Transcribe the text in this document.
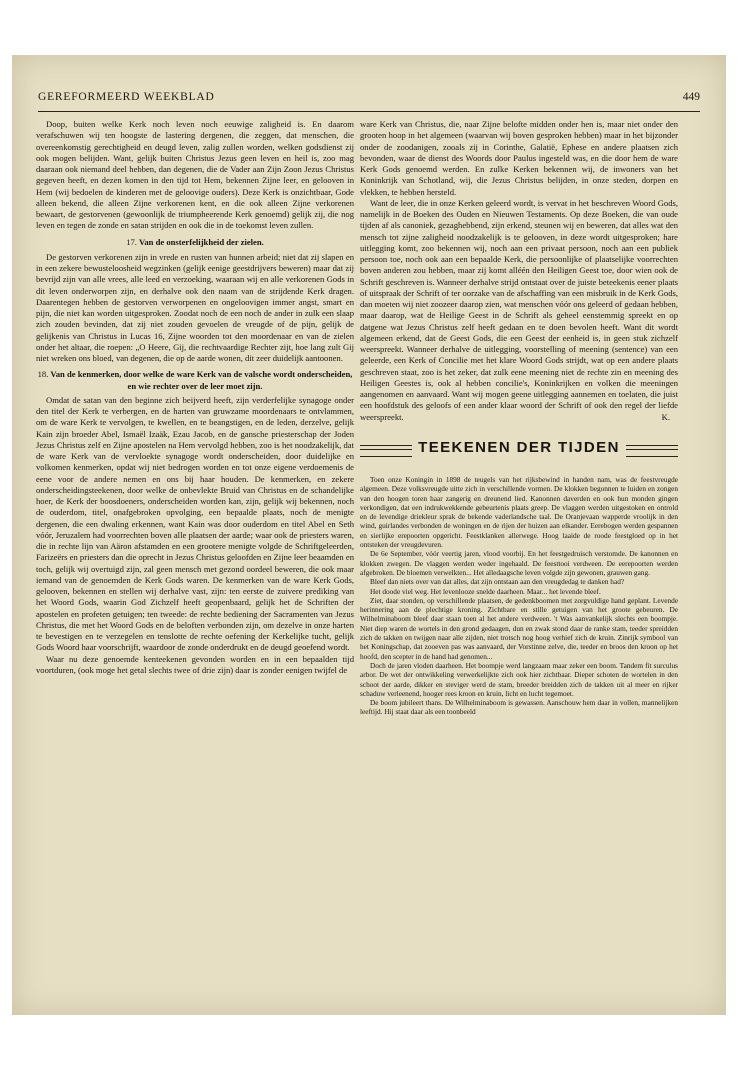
GEREFORMEERD WEEKBLAD	449

Doop, buiten welke Kerk noch leven noch eeuwige zaligheid is. En daarom verafschuwen wij ten hoogste de lastering dergenen, die zeggen, dat menschen, die overeenkomstig gerechtigheid en deugd leven, zalig zullen worden, welken godsdienst zij ook mogen belijden. Want, gelijk buiten Christus Jezus geen leven en heil is, zoo mag daaraan ook niemand deel hebben, dan degenen, die de Vader aan Zijn Zoon Jezus Christus gegeven heeft, en dezen komen in den tijd tot Hem, bekennen Zijne leer, en gelooven in Hem (wij bedoelen de kinderen met de geloovige ouders). Deze Kerk is onzichtbaar, Gode alleen bekend, die alleen Zijne verkorenen kent, en die ook alleen Zijne verkorenen bewaart, de gestorvenen (gewoonlijk de triumpheerende Kerk genoemd) gelijk zij, die nog leven en tegen de zonde en satan strijden en ook die in de toekomst leven zullen.

17. Van de onsterfelijkheid der zielen.

De gestorven verkorenen zijn in vrede en rusten van hunnen arbeid; niet dat zij slapen en in een zekere bewusteloosheid wegzinken (gelijk eenige geestdrijvers beweren) maar dat zij bevrijd zijn van alle vrees, alle leed en verzoeking, waaraan wij en alle verkorenen Gods in dit leven onderworpen zijn, en derhalve ook den naam van de strijdende Kerk dragen. Daarentegen hebben de gestorven verworpenen en ongeloovigen immer angst, smart en pijn, die niet kan worden uitgesproken. Zoodat noch de een noch de ander in zulk een slaap zich zouden bevinden, dat zij niet zouden gevoelen de vreugde of de pijn, gelijk de gelijkenis van Christus in Lucas 16, Zijne woorden tot den moordenaar en van de zielen onder het altaar, die roepen: „O Heere, Gij, die rechtvaardige Rechter zijt, hoe lang zult Gij niet wreken ons bloed, van degenen, die op de aarde wonen, dit zeer duidelijk aantoonen.

18. Van de kenmerken, door welke de ware Kerk van de valsche wordt onderscheiden, en wie rechter over de leer moet zijn.

Omdat de satan van den beginne zich beijverd heeft, zijn verderfelijke synagoge onder den titel der Kerk te verbergen, en de harten van gruwzame moordenaars te ontvlammen, om de ware Kerk te vervolgen, te kwellen, en te beangstigen, en de leden, derzelve, gelijk Kain zijn broeder Abel, Ismaël Izaäk, Ezau Jacob, en de gansche priesterschap der Joden Jezus Christus zelf en Zijne apostelen na Hem vervolgd hebben, zoo is het noodzakelijk, dat de ware Kerk van de vervloekte synagoge wordt onderscheiden, door duidelijke en volkomen kenmerken, opdat wij niet bedrogen worden en tot onze eigene verdoemenis de eene voor de andere nemen en ons bij haar houden. De kenmerken, en zekere onderscheidingsteekenen, door welke de onbevlekte Bruid van Christus en de schandelijke hoer, de Kerk der boosdoeners, onderscheiden worden kan, zijn, gelijk wij bekennen, noch de ouderdom, titel, onafgebroken opvolging, een bepaalde plaats, noch de menigte dergenen, die een dwaling erkennen, want Kain was door ouderdom en titel Abel en Seth vóór, Jeruzalem had voorrechten boven alle plaatsen der aarde; waar ook de priesters waren, die in rechte lijn van Aäron afstamden en een grootere menigte volgde de Schriftgeleerden, Farizeërs en priesters dan die oprecht in Jezus Christus geloofden en Zijne leer beaamden en toch, gelijk wij overtuigd zijn, zal geen mensch met gezond oordeel beweren, die ook maar iemand van de genoemden de Kerk Gods waren. De kenmerken van de ware Kerk Gods, gelooven, bekennen en stellen wij derhalve vast, zijn: ten eerste de zuivere prediking van het Woord Gods, waarin God Zichzelf heeft geopenbaard, gelijk het de Schriften der apostelen en profeten getuigen; ten tweede: de rechte bediening der Sacramenten van Jezus Christus, die met het Woord Gods en de beloften verbonden zijn, om dezelve in onze harten te bevestigen en te verzegelen en tenslotte de rechte oefening der Kerkelijke tucht, gelijk Gods Woord haar voorschrijft, waardoor de zonde onderdrukt en de deugd geoefend wordt.

Waar nu deze genoemde kenteekenen gevonden worden en in een bepaalden tijd voortduren, (ook moge het getal slechts twee of drie zijn) daar is zonder eenigen twijfel de

ware Kerk van Christus, die, naar Zijne belofte midden onder hen is, maar niet onder den grooten hoop in het algemeen (waarvan wij boven gesproken hebben) maar in het bijzonder onder de zoodanigen, zooals zij in Corinthe, Galatië, Ephese en andere plaatsen zich bevonden, waar de dienst des Woords door Paulus ingesteld was, en die door hem de ware Kerk Gods genoemd werden. En zulke Kerken bekennen wij, de inwoners van het Koninkrijk van Schotland, wij, die Jezus Christus belijden, in onze steden, dorpen en vlekken, te hebben hersteld.

Want de leer, die in onze Kerken geleerd wordt, is vervat in het beschreven Woord Gods, namelijk in de Boeken des Ouden en Nieuwen Testaments. Op deze Boeken, die van oude tijden af als canoniek, gezaghebbend, zijn erkend, steunen wij en beweren, dat alles wat den mensch tot zijne zaligheid noodzakelijk is te gelooven, in deze wordt uitgesproken; hare uitlegging komt, zoo bekennen wij, noch aan een privaat persoon, noch aan een publiek persoon toe, noch ook aan een bepaalde Kerk, die persoonlijke of plaatselijke voorrechten boven anderen zou hebben, maar zij komt alléén den Heiligen Geest toe, door wien ook de Schrift geschreven is. Wanneer derhalve strijd ontstaat over de juiste beteekenis eener plaats of uitspraak der Schrift of ter oorzake van de afschaffing van een misbruik in de Kerk Gods, dan moeten wij niet zoozeer daarop zien, wat menschen vóór ons geleerd of gedaan hebben, maar daarop, wat de Heilige Geest in de Schrift als geheel eenstemmig spreekt en op datgene wat Jezus Christus zelf heeft gedaan en te doen bevolen heeft. Want dit wordt algemeen erkend, dat de Geest Gods, die een Geest der eenheid is, in geen stuk zichzelf weerspreekt. Wanneer derhalve de uitlegging, voorstelling of meening (sentence) van een geleerde, een Kerk of Concilie met het klare Woord Gods strijdt, wat op een andere plaats geschreven staat, zoo is het zeker, dat zulk eene meening niet de rechte zin en meening des Heiligen Geestes is, ook al hebben concilie's, Koninkrijken en volken die meeningen aangenomen en aanvaard. Want wij mogen geene uitlegging aannemen en toelaten, die juist een hoofdstuk des geloofs of een ander klaar woord der Schrift of ook den regel der liefde weerspreekt.	K.
TEEKENEN DER TIJDEN

Toen onze Koningin in 1898 de teugels van het rijksbewind in handen nam, was de feestvreugde algemeen. Deze volksvreugde uitte zich in verschillende vormen. De klokken begonnen te luiden en zongen van den hoogen toren haar zangerig en dreunend lied. Kanonnen daverden en ook hun monden gingen verkondigen, dat een indrukwekkende gebeurtenis plaats greep. De vlaggen werden uitgestoken en ontrold en de levendige driekleur sprak de bekende vaderlandsche taal. De Oranjevaan wapperde vroolijk in den wind, guirlandes verbonden de woningen en de rijen der huizen aan elkander. Eerebogen werden gespannen en sierlijke erepoorten opgericht. Feestklanken allerwege. Hoog laaide de roode feestgloed op in het ontsteken der vreugdevuren.

De 6e September, vóór veertig jaren, vlood voorbij. En het feestgedruisch verstomde. De kanonnen en klokken zwegen. De vlaggen werden weder ingehaald. De feesttooi verdween. De eerepoorten werden afgebroken. De bloemen verwelkten... Het alledaagsche leven volgde zijn gewonen, grauwen gang.

Bleef dan niets over van dat alles, dat zijn ontstaan aan den vreugdedag te danken had?

Het doode viel weg. Het levenlooze snelde daarheen. Maar... het levende bleef.

Ziet, daar stonden, op verschillende plaatsen, de gedenkboomen met zorgvuldige hand geplant. Levende herinnering aan de plechtige kroning. Zichtbare en stille getuigen van het groote gebeuren. De Wilhelminaboom bleef daar staan toen al het andere verdween. 't Was aanvankelijk slechts een boompje. Niet diep waren de wortels in den grond gedaagen, dun en zwak stond daar de ranke stam, teeder spreidden zich de takken en twijgen naar alle zijden, niet trotsch nog hoog verhief zich de kruin. Zinrijk symbool van het Koningschap, dat zooeven pas was aanvaard, der Vorstinne zelve, die, teeder en broos den kroon op het hoofd, den scepter in de hand had genomen...

Doch de jaren vloden daarheen. Het boompje werd langzaam maar zeker een boom. Tandem fit surculus arbor. De wet der ontwikkeling verwerkelijkte zich ook hier zichtbaar. Dieper schoten de wortelen in den schoot der aarde, dikker en steviger werd de stam, breeder breidden zich de takken uit al meer en rijker schaduw verleenend, hooger rees kroon en kruin, licht en lucht tegemoet.

De boom jubileert thans. De Wilhelminaboom is gewassen. Aanschouw hem daar in vollen, mannelijken leeftijd. Hij staat daar als een toonbeeld
